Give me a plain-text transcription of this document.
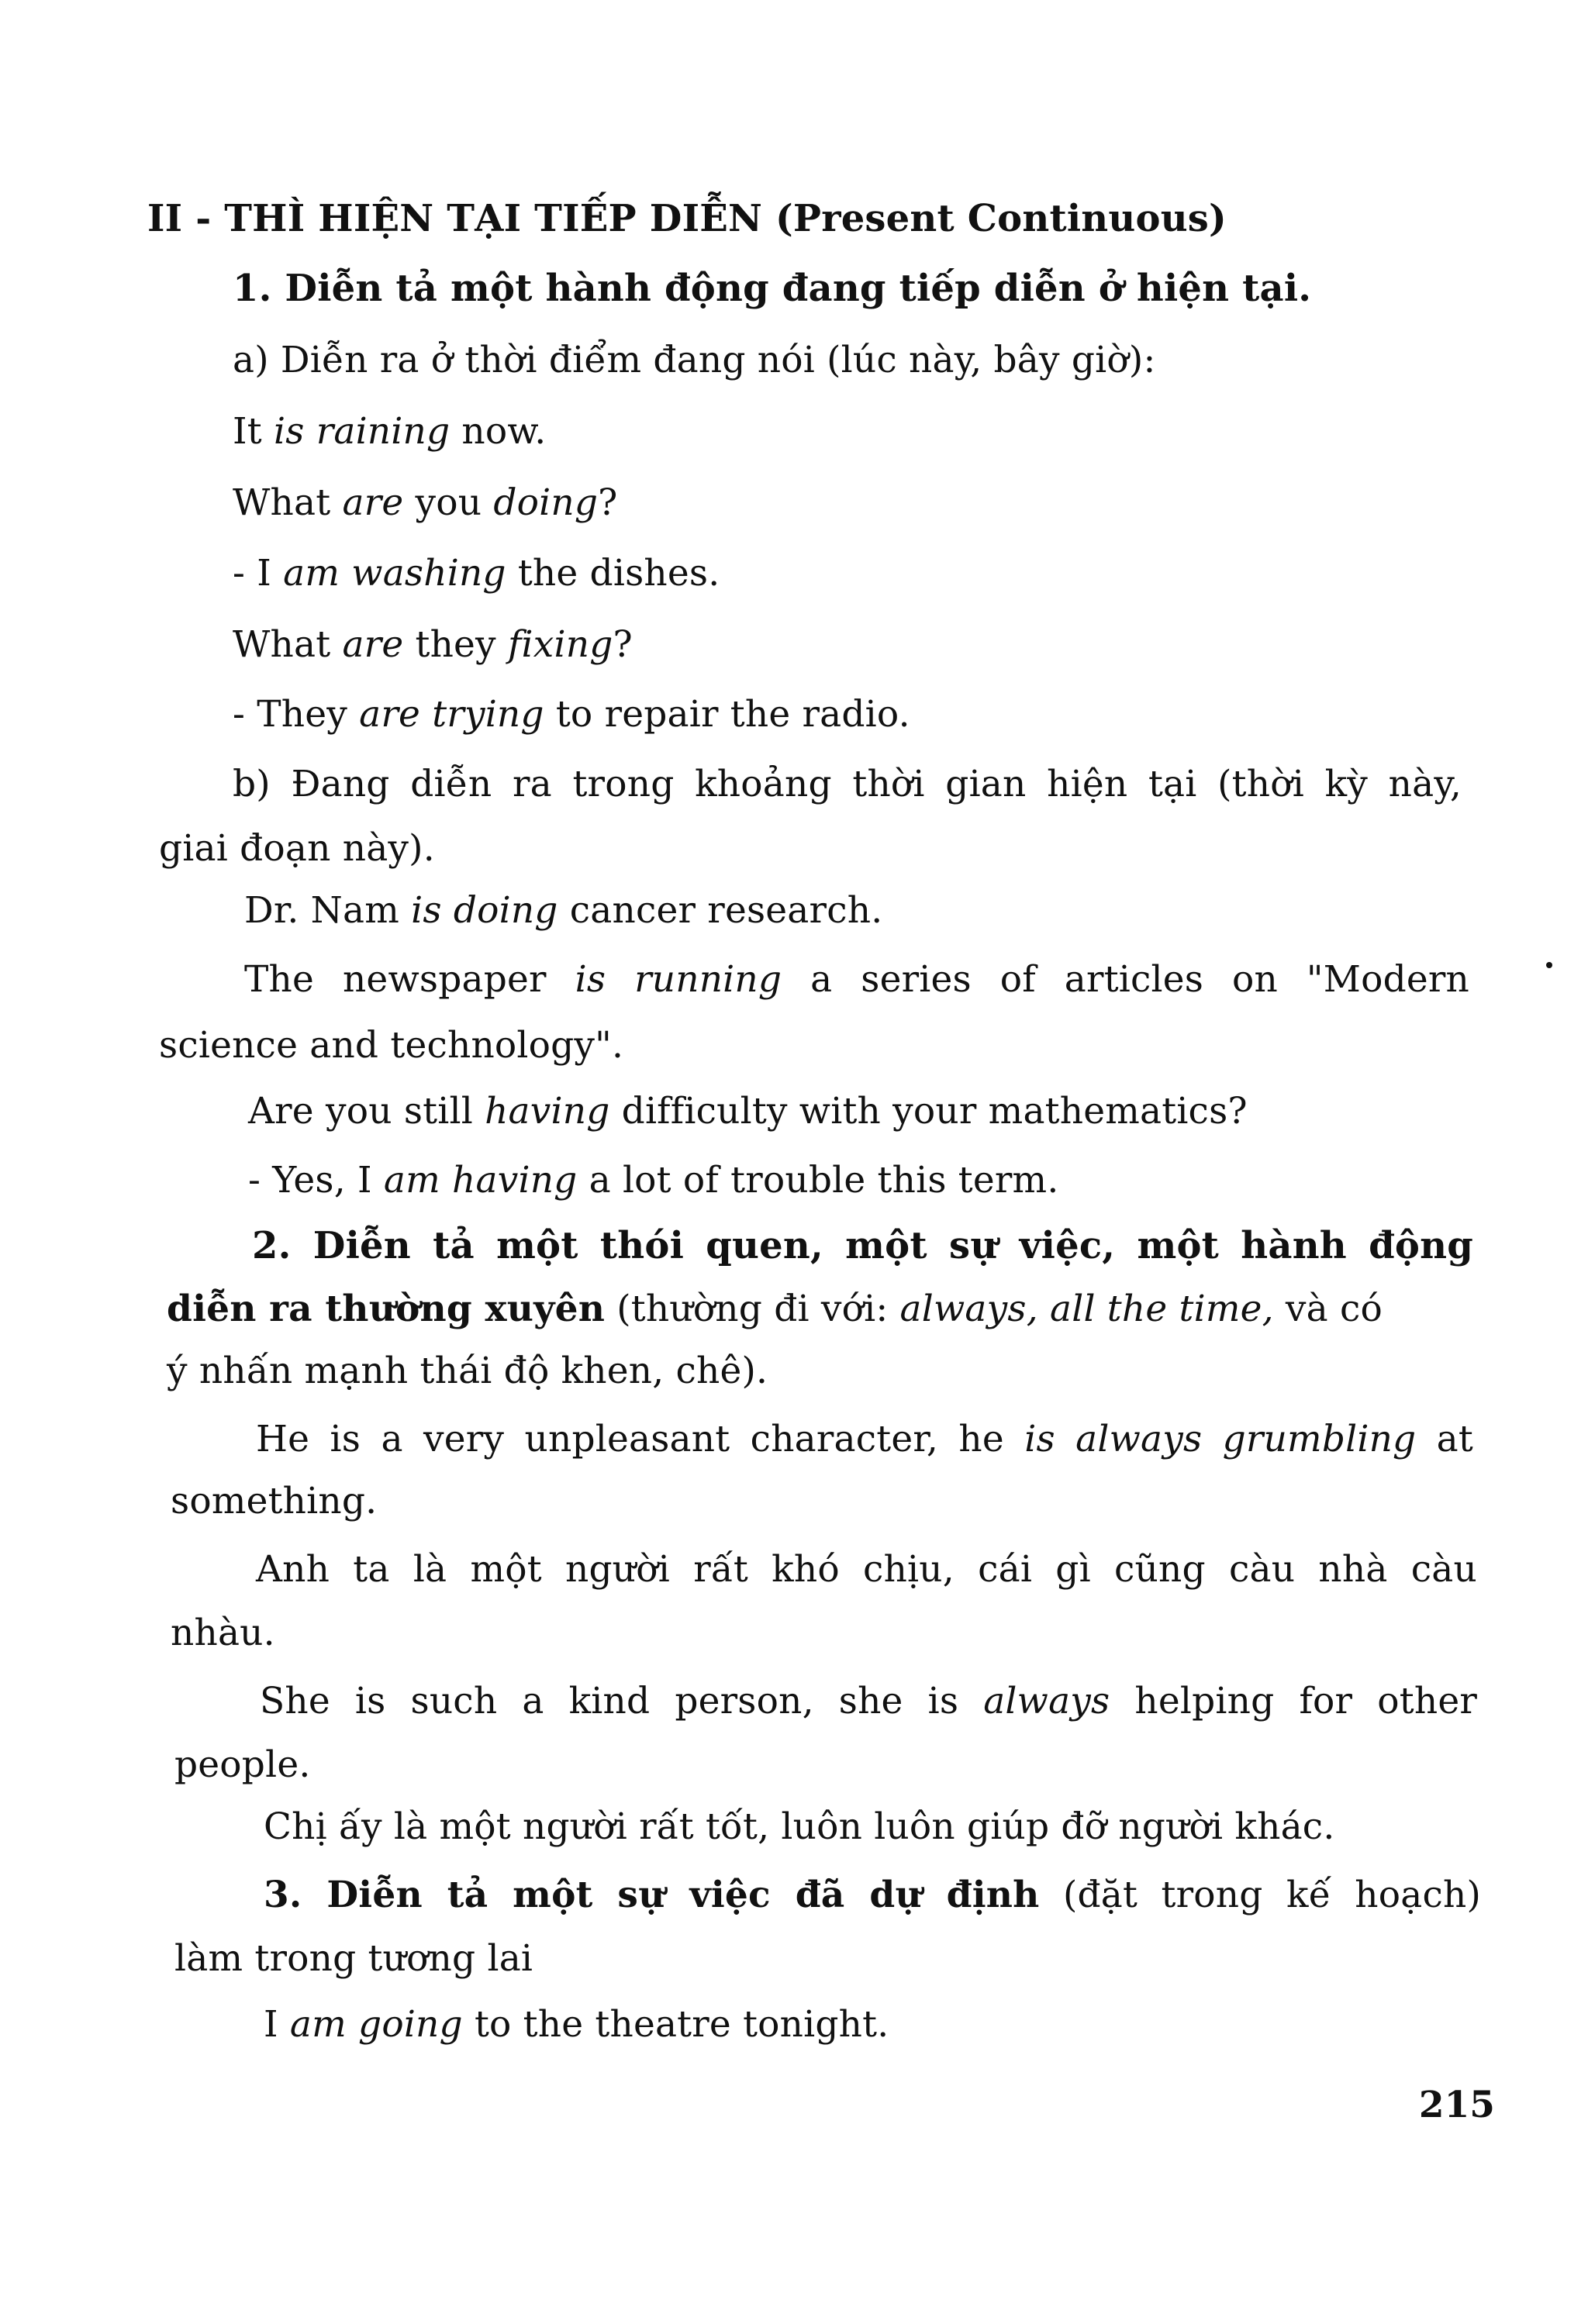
II - THÌ HIỆN TẠI TIẾP DIỄN (Present Continuous)
1. Diễn tả một hành động đang tiếp diễn ở hiện tại.
a) Diễn ra ở thời điểm đang nói (lúc này, bây giờ):
It is raining now.
What are you doing?
- I am washing the dishes.
What are they fixing?
- They are trying to repair the radio.
b) Đang diễn ra trong khoảng thời gian hiện tại (thời kỳ này,
giai đoạn này).
Dr. Nam is doing cancer research.
The newspaper is running a series of articles on "Modern
science and technology".
Are you still having difficulty with your mathematics?
- Yes, I am having a lot of trouble this term.
2. Diễn tả một thói quen, một sự việc, một hành động
diễn ra thường xuyên (thường đi với: always, all the time, và có
ý nhấn mạnh thái độ khen, chê).
He is a very unpleasant character, he is always grumbling at
something.
Anh ta là một người rất khó chịu, cái gì cũng càu nhà càu
nhàu.
She is such a kind person, she is always helping for other
people.
Chị ấy là một người rất tốt, luôn luôn giúp đỡ người khác.
3. Diễn tả một sự việc đã dự định (đặt trong kế hoạch)
làm trong tương lai
I am going to the theatre tonight.
215
